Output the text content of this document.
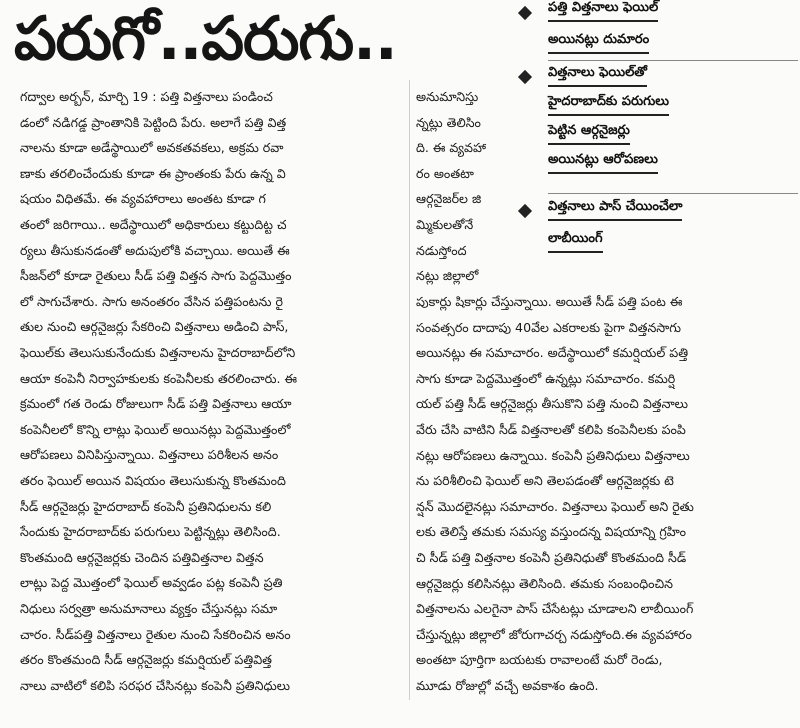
పరుగో..పరుగు..	పత్తి విత్తనాలు ఫెయిల్
అయినట్లు దుమారం
విత్తనాలు ఫెయిల్‌తో
హైదరాబాద్‌కు పరుగులు
పెట్టిన ఆర్గనైజర్లు
అయినట్లు ఆరోపణలు
విత్తనాలు పాస్ చేయించేలా
లాబీయింగ్
గద్వాల అర్బన్, మార్చి 19 : పత్తి విత్తనాలు పండించ
డంలో నడిగడ్డ ప్రాంతానికి పెట్టింది పేరు. అలాగే పత్తి విత్త
నాలను కూడా అడేస్థాయిలో అవకతవకలు, అక్రమ రవా
ణాకు తరలించేందుకు కూడా ఈ ప్రాంతంకు పేరు ఉన్న వి
షయం విధితమే. ఈ వ్యవహారాలు అంతట కూడా గ
తంలో జరిగాయి.. అదేస్థాయిలో అధికారులు కట్టుదిట్ట చ
ర్యలు తీసుకునడంతో అదుపులోకి వచ్చాయి. అయితే ఈ
సీజన్‌లో కూడా రైతులు సీడ్ పత్తి విత్తన సాగు పెద్దమొత్తం
లో సాగుచేశారు. సాగు అనంతరం వేసిన పత్తిపంటను రై
తుల నుంచి ఆర్గనైజర్లు సేకరించి విత్తనాలు అడించి పాస్,
ఫెయిల్‌కు తెలుసుకునేందుకు విత్తనాలను హైదరాబాద్‌లోని
ఆయా కంపెనీ నిర్వాహకులకు కంపెనీలకు తరలించారు. ఈ
క్రమంలో గత రెండు రోజులుగా సీడ్ పత్తి విత్తనాలు ఆయా
కంపెనీలలో కొన్ని లాట్లు ఫెయిల్ అయినట్లు పెద్దమొత్తంలో
ఆరోపణలు వినిపిస్తున్నాయి. విత్తనాలు పరిశీలన అనం
తరం ఫెయిల్ అయిన విషయం తెలుసుకున్న కొంతమంది
సీడ్ ఆర్గనైజర్లు హైదరాబాద్ కంపెనీ ప్రతినిధులను కలి
సేందుకు హైదరాబాద్‌కు పరుగులు పెట్టిన్నట్లు తెలిసింది.
కొంతమంది ఆర్గనైజర్లకు చెందిన పత్తివిత్తనాల విత్తన
లాట్లు పెద్ద మొత్తంలో ఫెయిల్ అవ్వడం పట్ల కంపెనీ ప్రతి
నిధులు సర్వత్రా అనుమానాలు వ్యక్తం చేస్తునట్లు సమా
చారం. సీడ్‌పత్తి విత్తనాలు రైతుల నుంచి సేకరించిన అనం
తరం కొంతమంది సీడ్ ఆర్గనైజర్లు కమర్షియల్ పత్తివిత్త
నాలు వాటిలో కలిపి సరఫర చేసినట్లు కంపెనీ ప్రతినిధులు
అనుమానిస్తు
న్నట్లు తెలిసిం
ది. ఈ వ్యవహా
రం అంతటా
ఆర్గనైజర్‌ల జి
మ్మికులతోనే
నడుస్తోంద
నట్లు జిల్లాలో
పుకార్లు షికార్లు చేస్తున్నాయి. అయితే సీడ్ పత్తి పంట ఈ
సంవత్సరం దాదాపు 40వేల ఎకరాలకు పైగా విత్తనసాగు
అయినట్లు ఈ సమాచారం. అదేస్థాయిలో కమర్షియల్ పత్తి
సాగు కూడా పెద్దమొత్తంలో ఉన్నట్లు సమాచారం. కమర్షి
యల్ పత్తి సీడ్ ఆర్గనైజర్లు తీసుకొని పత్తి నుంచి విత్తనాలు
వేరు చేసి వాటిని సీడ్ విత్తనాలతో కలిపి కంపెనీలకు పంపి
నట్లు ఆరోపణలు ఉన్నాయి. కంపెనీ ప్రతినిధులు విత్తనాలు
ను పరిశీలించి ఫెయిల్ అని తెలపడంతో ఆర్గనైజర్లకు టె
న్షన్ మొదలైనట్లు సమాచారం. విత్తనాలు ఫెయిల్ అని రైతు
లకు తెలిస్తే తమకు సమస్య వస్తుందన్న విషయాన్ని గ్రహిం
చి సీడ్ పత్తి విత్తనాల కంపెనీ ప్రతినిధుతో కొంతమంది సీడ్
ఆర్గనైజర్లు కలిసినట్లు తెలిసింది. తమకు సంబంధించిన
విత్తనాలను ఎలగైనా పాస్ చేసేటట్లు చూడాలని లాబీయింగ్
చేస్తున్నట్లు జిల్లాలో జోరుగాచర్చ నడుస్తోంది.ఈ వ్యవహారం
అంతటా పూర్తిగా బయటకు రావాలంటే మరో రెండు,
మూడు రోజుల్లో వచ్చే అవకాశం ఉంది.
